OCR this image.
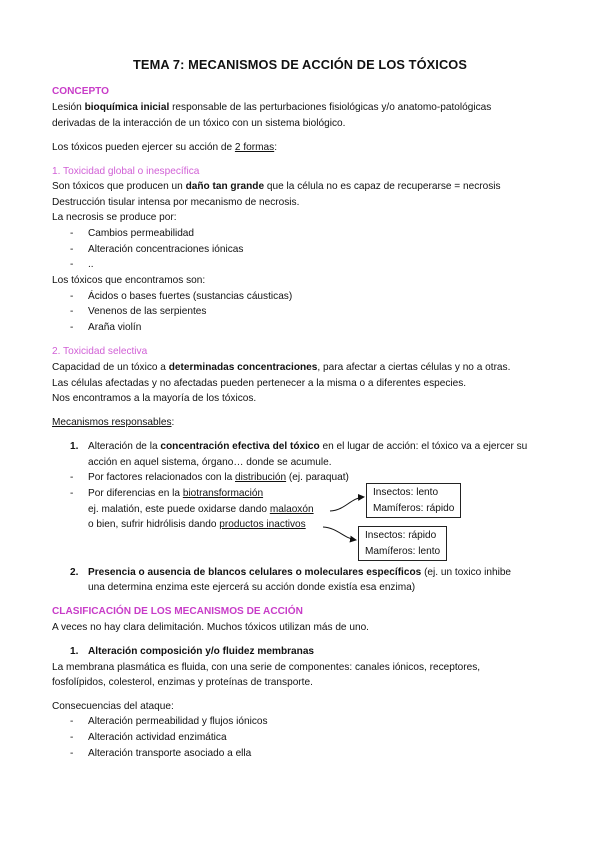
TEMA 7: MECANISMOS DE ACCIÓN DE LOS TÓXICOS
CONCEPTO
Lesión bioquímica inicial responsable de las perturbaciones fisiológicas y/o anatomo-patológicas
derivadas de la interacción de un tóxico con un sistema biológico.
Los tóxicos pueden ejercer su acción de 2 formas:
1. Toxicidad global o inespecífica
Son tóxicos que producen un daño tan grande que la célula no es capaz de recuperarse = necrosis
Destrucción tisular intensa por mecanismo de necrosis.
La necrosis se produce por:
- Cambios permeabilidad
- Alteración concentraciones iónicas
- ..
Los tóxicos que encontramos son:
- Ácidos o bases fuertes (sustancias cáusticas)
- Venenos de las serpientes
- Araña violín
2. Toxicidad selectiva
Capacidad de un tóxico a determinadas concentraciones, para afectar a ciertas células y no a otras.
Las células afectadas y no afectadas pueden pertenecer a la misma o a diferentes especies.
Nos encontramos a la mayoría de los tóxicos.
Mecanismos responsables:
1. Alteración de la concentración efectiva del tóxico en el lugar de acción: el tóxico va a ejercer su
acción en aquel sistema, órgano… donde se acumule.
- Por factores relacionados con la distribución (ej. paraquat)
- Por diferencias en la biotransformación
ej. malatión, este puede oxidarse dando malaoxón
o bien, sufrir hidrólisis dando productos inactivos
Insectos: lento
Mamíferos: rápido
Insectos: rápido
Mamíferos: lento
2. Presencia o ausencia de blancos celulares o moleculares específicos (ej. un toxico inhibe
una determina enzima este ejercerá su acción donde existía esa enzima)
CLASIFICACIÓN DE LOS MECANISMOS DE ACCIÓN
A veces no hay clara delimitación. Muchos tóxicos utilizan más de uno.
1. Alteración composición y/o fluidez membranas
La membrana plasmática es fluida, con una serie de componentes: canales iónicos, receptores,
fosfolípidos, colesterol, enzimas y proteínas de transporte.
Consecuencias del ataque:
- Alteración permeabilidad y flujos iónicos
- Alteración actividad enzimática
- Alteración transporte asociado a ella
